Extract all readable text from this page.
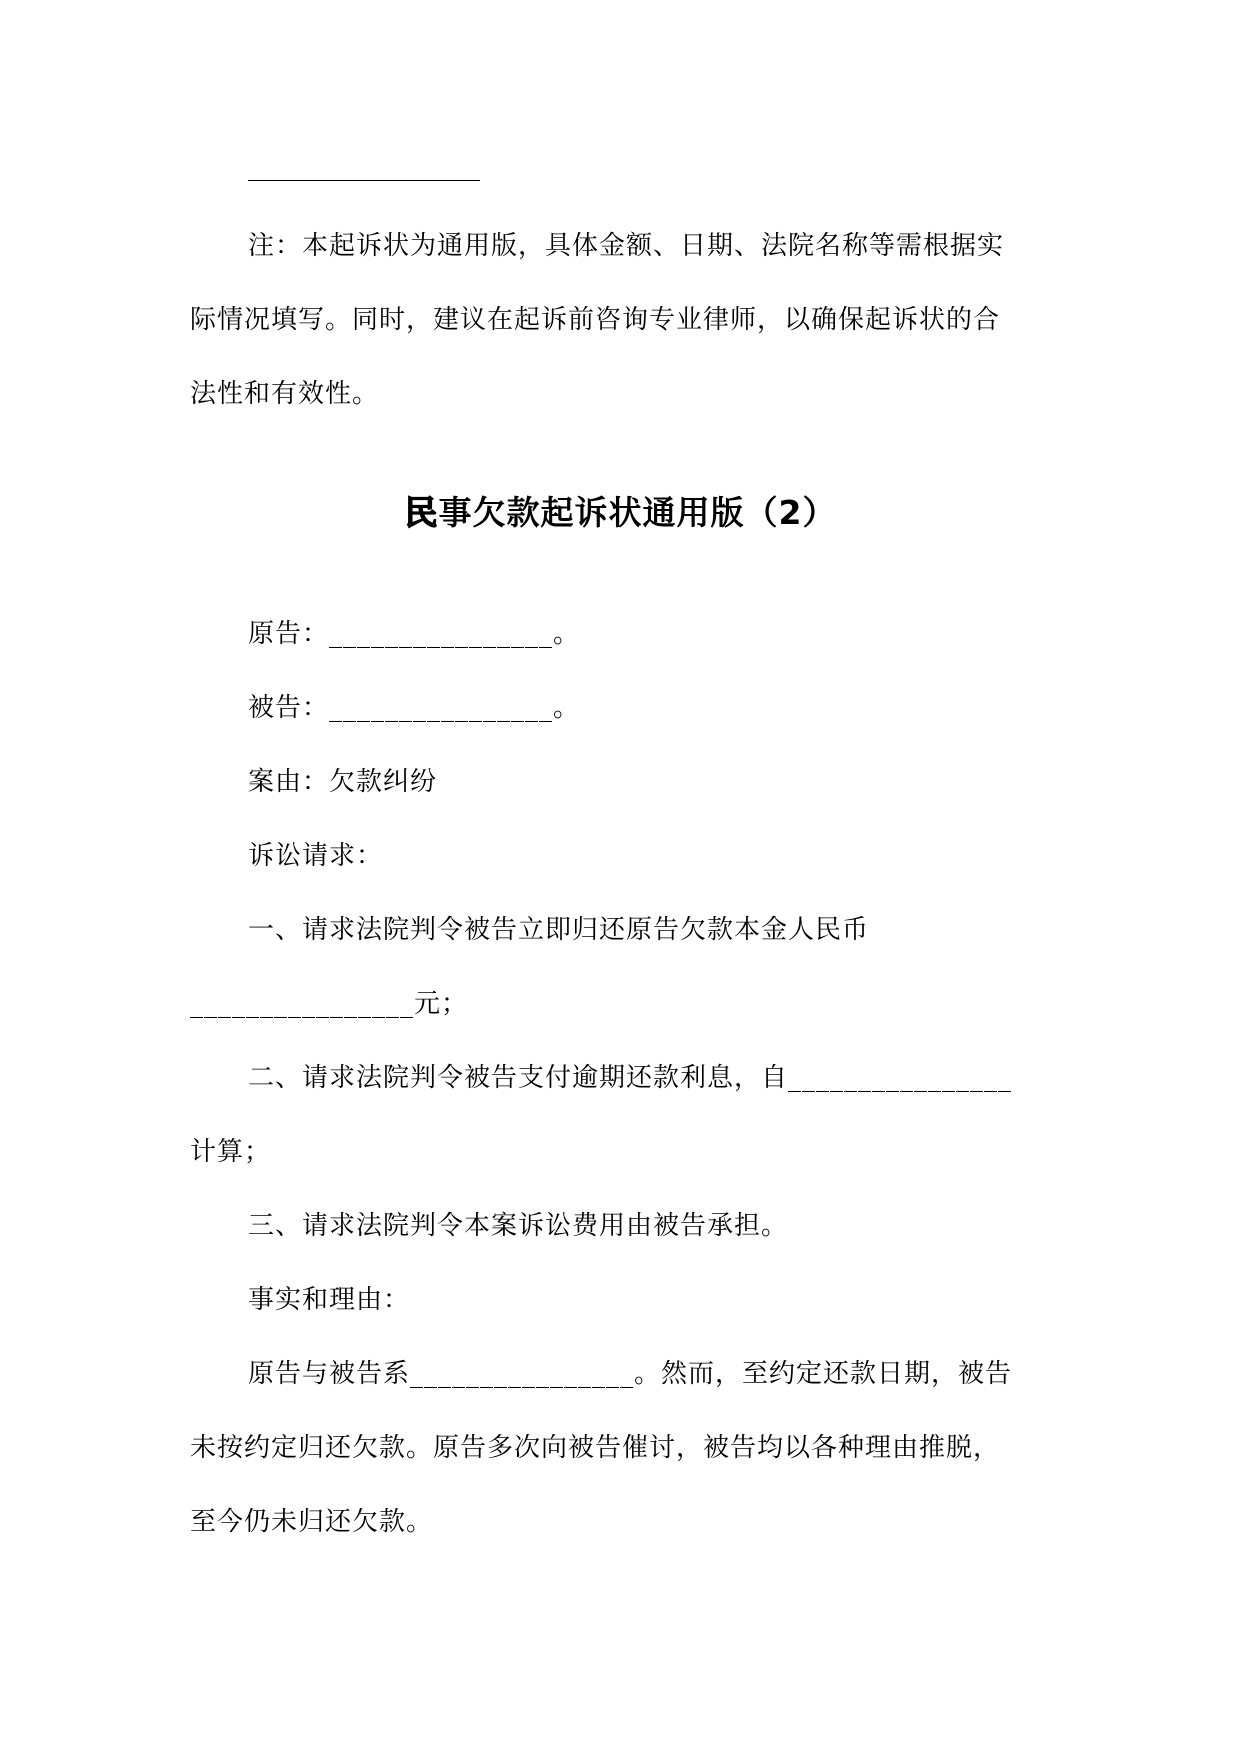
注：本起诉状为通用版，具体金额、日期、法院名称等需根据实
际情况填写。同时，建议在起诉前咨询专业律师，以确保起诉状的合
法性和有效性。
民事欠款起诉状通用版（2）
原告：________________。
被告：________________。
案由：欠款纠纷
诉讼请求：
一、请求法院判令被告立即归还原告欠款本金人民币
________________元；
二、请求法院判令被告支付逾期还款利息，自________________
计算；
三、请求法院判令本案诉讼费用由被告承担。
事实和理由：
原告与被告系________________。然而，至约定还款日期，被告
未按约定归还欠款。原告多次向被告催讨，被告均以各种理由推脱，
至今仍未归还欠款。
